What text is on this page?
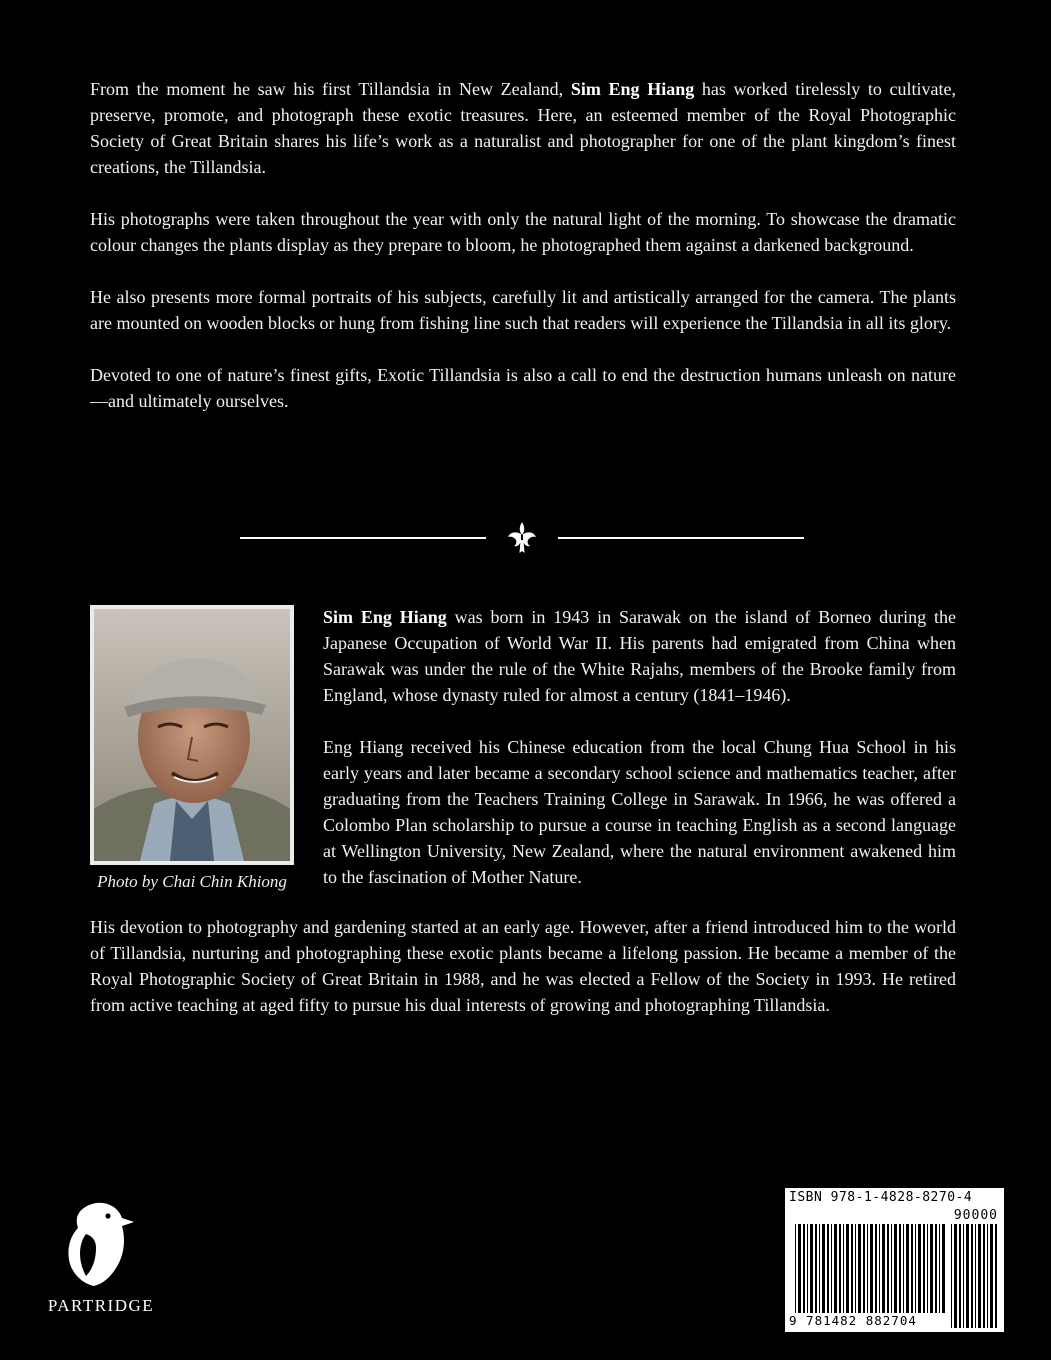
From the moment he saw his first Tillandsia in New Zealand, Sim Eng Hiang has worked tirelessly to cultivate, preserve, promote, and photograph these exotic treasures. Here, an esteemed member of the Royal Photographic Society of Great Britain shares his life’s work as a naturalist and photographer for one of the plant kingdom’s finest creations, the Tillandsia.

His photographs were taken throughout the year with only the natural light of the morning. To showcase the dramatic colour changes the plants display as they prepare to bloom, he photographed them against a darkened background.

He also presents more formal portraits of his subjects, carefully lit and artistically arranged for the camera. The plants are mounted on wooden blocks or hung from fishing line such that readers will experience the Tillandsia in all its glory.

Devoted to one of nature’s finest gifts, Exotic Tillandsia is also a call to end the destruction humans unleash on nature—and ultimately ourselves.

Photo by Chai Chin Khiong

Sim Eng Hiang was born in 1943 in Sarawak on the island of Borneo during the Japanese Occupation of World War II. His parents had emigrated from China when Sarawak was under the rule of the White Rajahs, members of the Brooke family from England, whose dynasty ruled for almost a century (1841–1946).

Eng Hiang received his Chinese education from the local Chung Hua School in his early years and later became a secondary school science and mathematics teacher, after graduating from the Teachers Training College in Sarawak. In 1966, he was offered a Colombo Plan scholarship to pursue a course in teaching English as a second language at Wellington University, New Zealand, where the natural environment awakened him to the fascination of Mother Nature.

His devotion to photography and gardening started at an early age. However, after a friend introduced him to the world of Tillandsia, nurturing and photographing these exotic plants became a lifelong passion. He became a member of the Royal Photographic Society of Great Britain in 1988, and he was elected a Fellow of the Society in 1993. He retired from active teaching at aged fifty to pursue his dual interests of growing and photographing Tillandsia.

PARTRIDGE
ISBN 978-1-4828-8270-4
90000
9 781482 882704
